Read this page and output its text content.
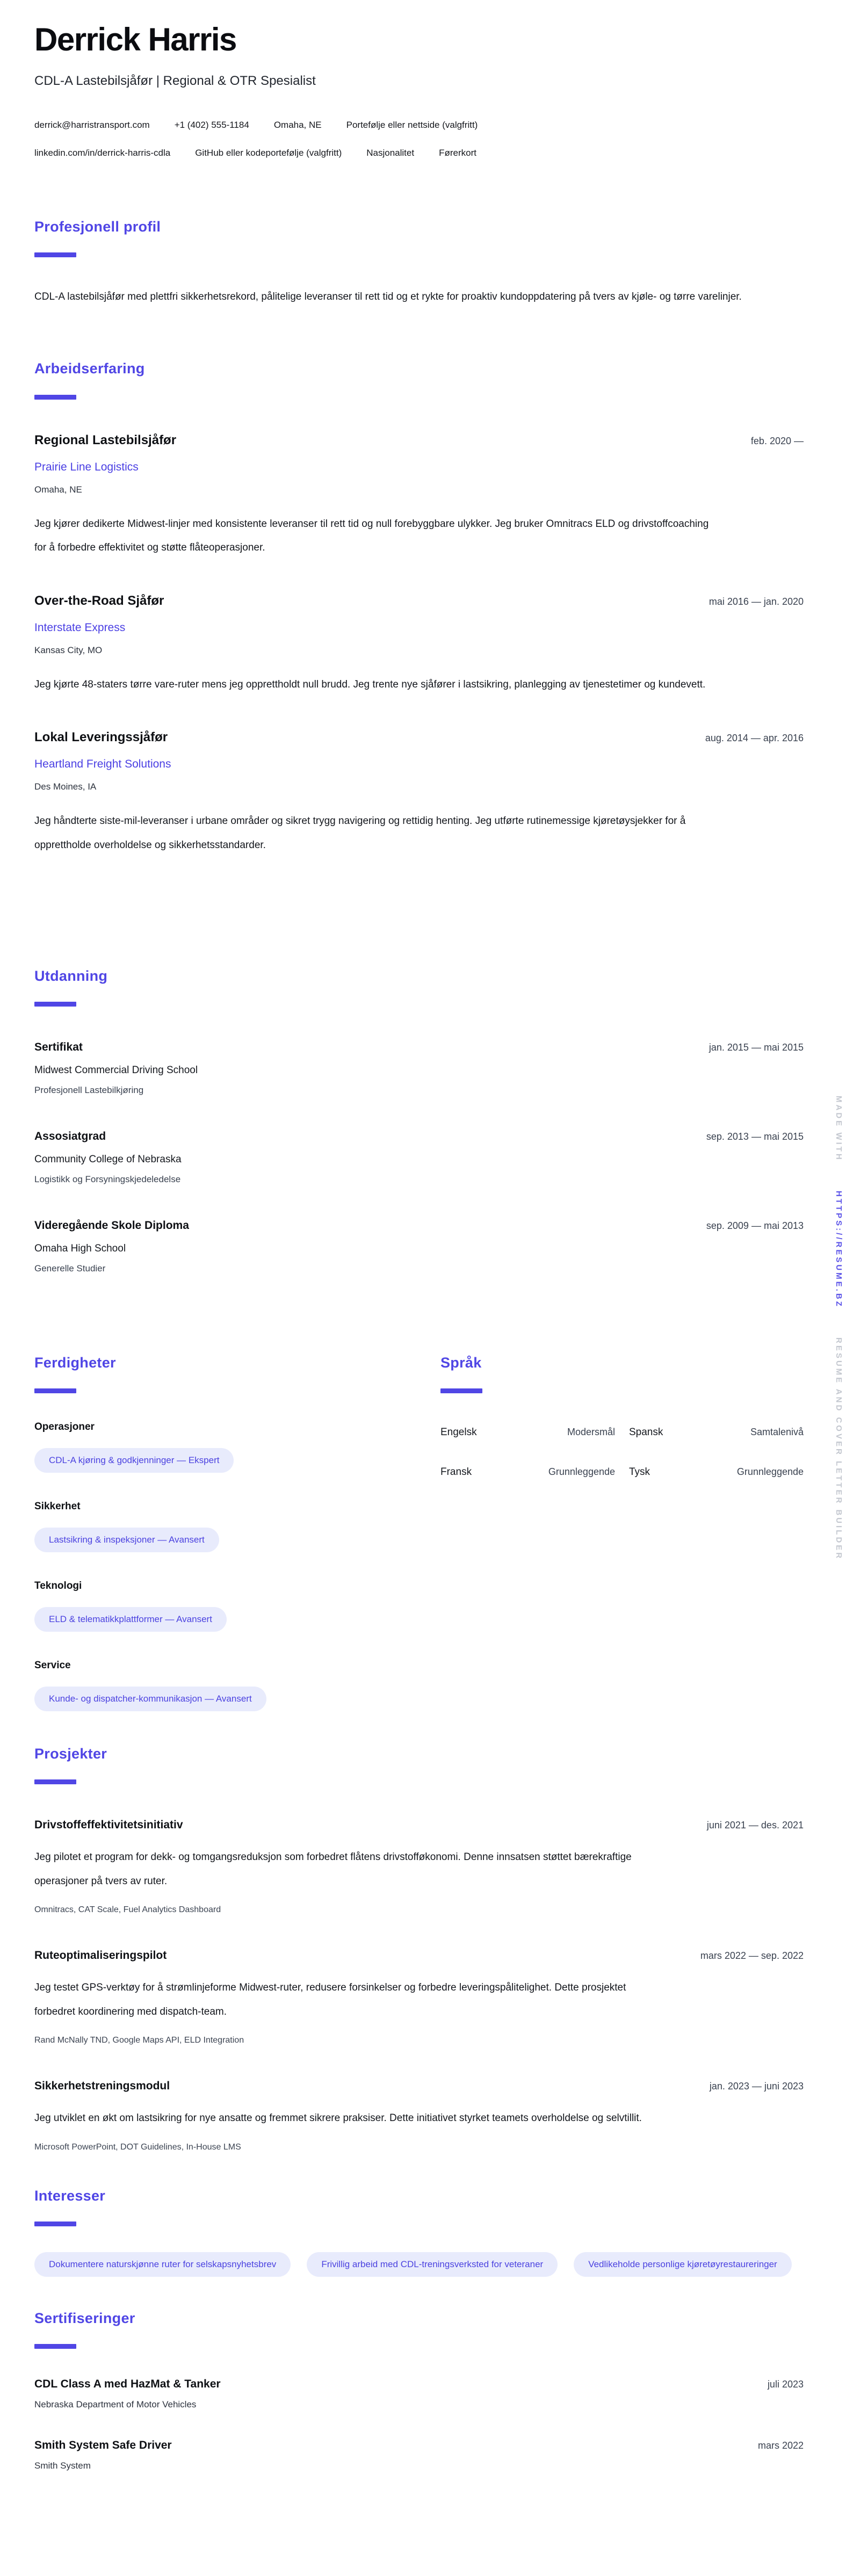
Derrick Harris
CDL-A Lastebilsjåfør | Regional & OTR Spesialist
derrick@harristransport.com	+1 (402) 555-1184	Omaha, NE	Portefølje eller nettside (valgfritt)
linkedin.com/in/derrick-harris-cdla	GitHub eller kodeportefølje (valgfritt)	Nasjonalitet	Førerkort
Profesjonell profil

CDL-A lastebilsjåfør med plettfri sikkerhetsrekord, pålitelige leveranser til rett tid og et rykte for proaktiv kundoppdatering på tvers av kjøle- og tørre varelinjer.

Arbeidserfaring
Regional Lastebilsjåfør	feb. 2020 —
Prairie Line Logistics
Omaha, NE

Jeg kjører dedikerte Midwest-linjer med konsistente leveranser til rett tid og null forebyggbare ulykker. Jeg bruker Omnitracs ELD og drivstoffcoaching for å forbedre effektivitet og støtte flåteoperasjoner.

Over-the-Road Sjåfør	mai 2016 — jan. 2020
Interstate Express
Kansas City, MO

Jeg kjørte 48-staters tørre vare-ruter mens jeg opprettholdt null brudd. Jeg trente nye sjåfører i lastsikring, planlegging av tjenestetimer og kundevett.

Lokal Leveringssjåfør	aug. 2014 — apr. 2016
Heartland Freight Solutions
Des Moines, IA

Jeg håndterte siste-mil-leveranser i urbane områder og sikret trygg navigering og rettidig henting. Jeg utførte rutinemessige kjøretøysjekker for å opprettholde overholdelse og sikkerhetsstandarder.

Utdanning
Sertifikat	jan. 2015 — mai 2015
Midwest Commercial Driving School
Profesjonell Lastebilkjøring
Assosiatgrad	sep. 2013 — mai 2015
Community College of Nebraska
Logistikk og Forsyningskjedeledelse
Videregående Skole Diploma	sep. 2009 — mai 2013
Omaha High School
Generelle Studier
Ferdigheter
Operasjoner
CDL-A kjøring & godkjenninger — Ekspert
Sikkerhet
Lastsikring & inspeksjoner — Avansert
Teknologi
ELD & telematikkplattformer — Avansert
Service
Kunde- og dispatcher-kommunikasjon — Avansert
Språk
Engelsk	Modersmål Spansk	Samtalenivå
Fransk	Grunnleggende Tysk	Grunnleggende
Prosjekter
Drivstoffeffektivitetsinitiativ	juni 2021 — des. 2021

Jeg pilotet et program for dekk- og tomgangsreduksjon som forbedret flåtens drivstofføkonomi. Denne innsatsen støttet bærekraftige operasjoner på tvers av ruter.

Omnitracs, CAT Scale, Fuel Analytics Dashboard
Ruteoptimaliseringspilot	mars 2022 — sep. 2022

Jeg testet GPS-verktøy for å strømlinjeforme Midwest-ruter, redusere forsinkelser og forbedre leveringspålitelighet. Dette prosjektet forbedret koordinering med dispatch-team.

Rand McNally TND, Google Maps API, ELD Integration
Sikkerhetstreningsmodul	jan. 2023 — juni 2023

Jeg utviklet en økt om lastsikring for nye ansatte og fremmet sikrere praksiser. Dette initiativet styrket teamets overholdelse og selvtillit.

Microsoft PowerPoint, DOT Guidelines, In-House LMS
Interesser
Dokumentere naturskjønne ruter for selskapsnyhetsbrev	Frivillig arbeid med CDL-treningsverksted for veteraner	Vedlikeholde personlige kjøretøyrestaureringer
Sertifiseringer
CDL Class A med HazMat & Tanker	juli 2023
Nebraska Department of Motor Vehicles
Smith System Safe Driver	mars 2022
Smith System
MADE WITH HTTPS://RESUME.BZ RESUME AND COVER LETTER BUILDER
